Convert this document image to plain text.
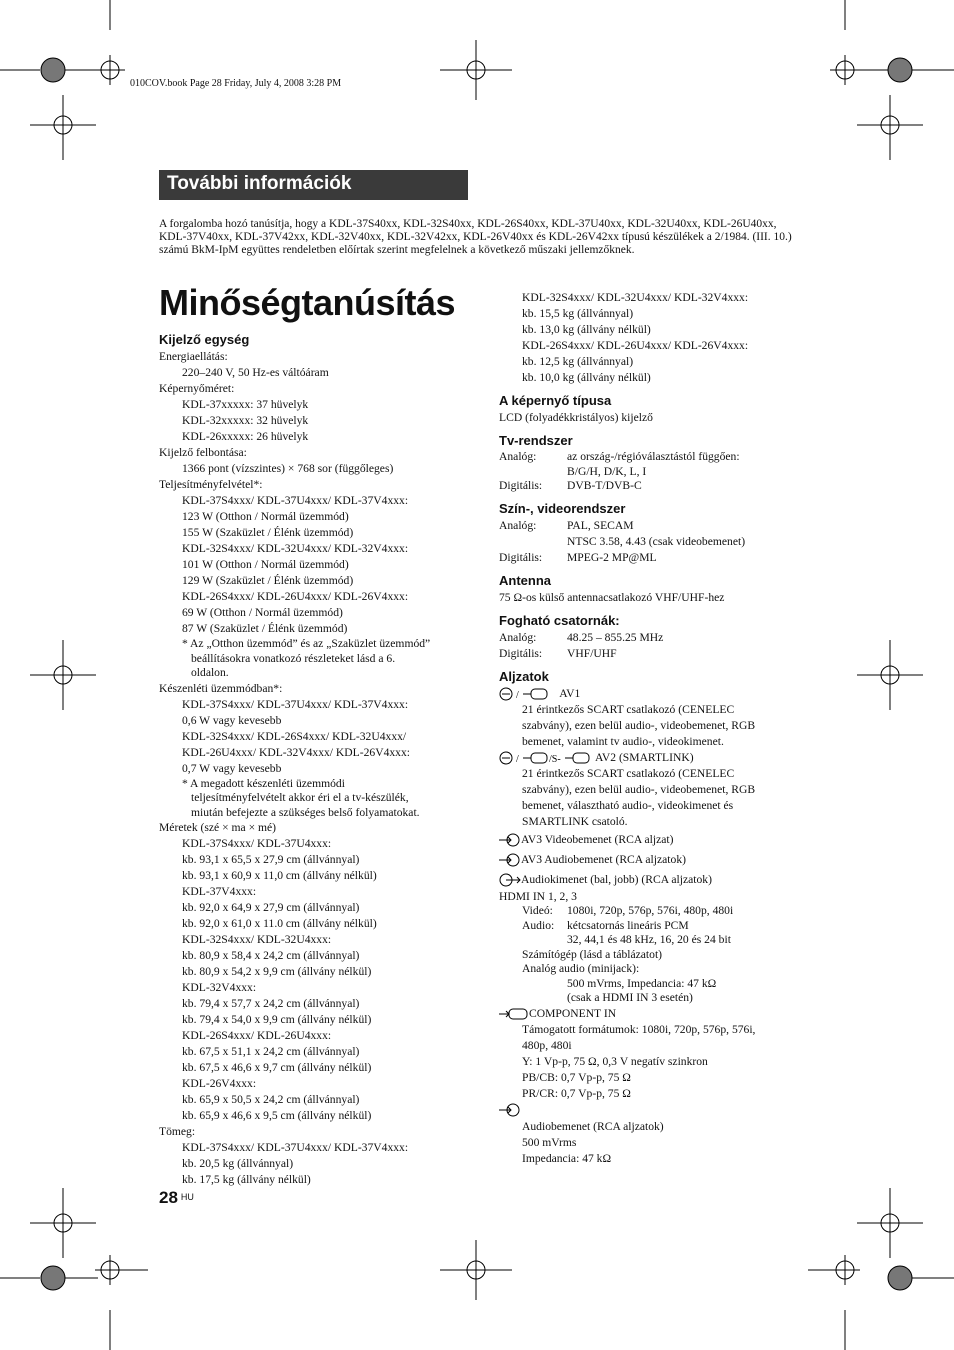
010COV.book Page 28 Friday, July 4, 2008 3:28 PM
További információk
A forgalomba hozó tanúsítja, hogy a KDL-37S40xx, KDL-32S40xx, KDL-26S40xx, KDL-37U40xx, KDL-32U40xx, KDL-26U40xx, KDL-37V40xx, KDL-37V42xx, KDL-32V40xx, KDL-32V42xx, KDL-26V40xx és KDL-26V42xx típusú készülékek a 2/1984. (III. 10.) számú BkM-IpM együttes rendeletben előírtak szerint megfelelnek a következő műszaki jellemzőknek.
Minőségtanúsítás
Kijelző egység
Energiaellátás:
220–240 V, 50 Hz-es váltóáram
Képernyőméret:
KDL-37xxxxx: 37 hüvelyk
KDL-32xxxxx: 32 hüvelyk
KDL-26xxxxx: 26 hüvelyk
Kijelző felbontása:
1366 pont (vízszintes) × 768 sor (függőleges)
Teljesítményfelvétel*:
KDL-37S4xxx/ KDL-37U4xxx/ KDL-37V4xxx:
123 W (Otthon / Normál üzemmód)
155 W (Szaküzlet / Élénk üzemmód)
KDL-32S4xxx/ KDL-32U4xxx/ KDL-32V4xxx:
101 W (Otthon / Normál üzemmód)
129 W (Szaküzlet / Élénk üzemmód)
KDL-26S4xxx/ KDL-26U4xxx/ KDL-26V4xxx:
69 W (Otthon / Normál üzemmód)
87 W (Szaküzlet / Élénk üzemmód)
* Az „Otthon üzemmód” és az „Szaküzlet üzemmód”
beállításokra vonatkozó részleteket lásd a 6.
oldalon.
Készenléti üzemmódban*:
KDL-37S4xxx/ KDL-37U4xxx/ KDL-37V4xxx:
0,6 W vagy kevesebb
KDL-32S4xxx/ KDL-26S4xxx/ KDL-32U4xxx/
KDL-26U4xxx/ KDL-32V4xxx/ KDL-26V4xxx:
0,7 W vagy kevesebb
* A megadott készenléti üzemmódi
teljesítményfelvételt akkor éri el a tv-készülék,
miután befejezte a szükséges belső folyamatokat.
Méretek (szé × ma × mé)
KDL-37S4xxx/ KDL-37U4xxx:
kb. 93,1 x 65,5 x 27,9 cm (állvánnyal)
kb. 93,1 x 60,9 x 11,0 cm (állvány nélkül)
KDL-37V4xxx:
kb. 92,0 x 64,9 x 27,9 cm (állvánnyal)
kb. 92,0 x 61,0 x 11.0 cm (állvány nélkül)
KDL-32S4xxx/ KDL-32U4xxx:
kb. 80,9 x 58,4 x 24,2 cm (állvánnyal)
kb. 80,9 x 54,2 x 9,9 cm (állvány nélkül)
KDL-32V4xxx:
kb. 79,4 x 57,7 x 24,2 cm (állvánnyal)
kb. 79,4 x 54,0 x 9,9 cm (állvány nélkül)
KDL-26S4xxx/ KDL-26U4xxx:
kb. 67,5 x 51,1 x 24,2 cm (állvánnyal)
kb. 67,5 x 46,6 x 9,7 cm (állvány nélkül)
KDL-26V4xxx:
kb. 65,9 x 50,5 x 24,2 cm (állvánnyal)
kb. 65,9 x 46,6 x 9,5 cm (állvány nélkül)
Tömeg:
KDL-37S4xxx/ KDL-37U4xxx/ KDL-37V4xxx:
kb. 20,5 kg (állvánnyal)
kb. 17,5 kg (állvány nélkül)
KDL-32S4xxx/ KDL-32U4xxx/ KDL-32V4xxx:
kb. 15,5 kg (állvánnyal)
kb. 13,0 kg (állvány nélkül)
KDL-26S4xxx/ KDL-26U4xxx/ KDL-26V4xxx:
kb. 12,5 kg (állvánnyal)
kb. 10,0 kg (állvány nélkül)
A képernyő típusa
LCD (folyadékkristályos) kijelző
Tv-rendszer
Analóg:	az ország-/régióválasztástól függően:
B/G/H, D/K, L, I
Digitális:	DVB-T/DVB-C
Szín-, videorendszer
Analóg:	PAL, SECAM
NTSC 3.58, 4.43 (csak videobemenet)
Digitális:	MPEG-2 MP@ML
Antenna
75 Ω-os külső antennacsatlakozó VHF/UHF-hez
Fogható csatornák:
Analóg:	48.25 – 855.25 MHz
Digitális:	VHF/UHF
Aljzatok
/	AV1
21 érintkezős SCART csatlakozó (CENELEC
szabvány), ezen belül audio-, videobemenet, RGB
bemenet, valamint tv audio-, videokimenet.
/	/S-	AV2 (SMARTLINK)
21 érintkezős SCART csatlakozó (CENELEC
szabvány), ezen belül audio-, videobemenet, RGB
bemenet, választható audio-, videokimenet és
SMARTLINK csatoló.
AV3 Videobemenet (RCA aljzat)
AV3 Audiobemenet (RCA aljzatok)
Audiokimenet (bal, jobb) (RCA aljzatok)
HDMI IN 1, 2, 3
Videó:	1080i, 720p, 576p, 576i, 480p, 480i
Audio:	kétcsatornás lineáris PCM
32, 44,1 és 48 kHz, 16, 20 és 24 bit
Számítógép (lásd a táblázatot)
Analóg audio (minijack):
500 mVrms, Impedancia: 47 kΩ
(csak a HDMI IN 3 esetén)
COMPONENT IN
Támogatott formátumok: 1080i, 720p, 576p, 576i,
480p, 480i
Y: 1 Vp-p, 75 Ω, 0,3 V negatív szinkron
PB/CB: 0,7 Vp-p, 75 Ω
PR/CR: 0,7 Vp-p, 75 Ω
Audiobemenet (RCA aljzatok)
500 mVrms
Impedancia: 47 kΩ
28 $^{HU}$
